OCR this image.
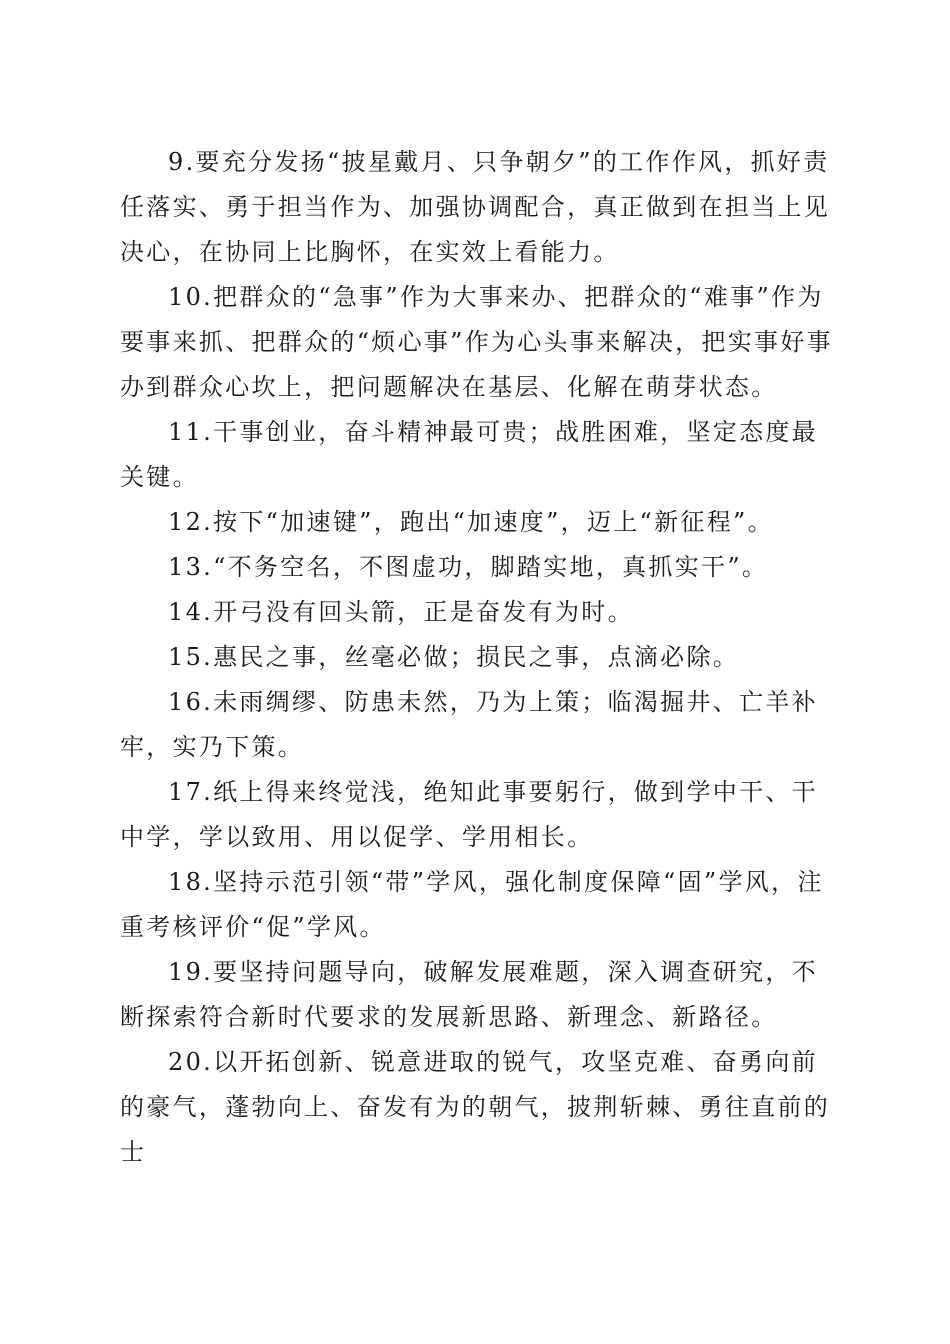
9.要充分发扬“披星戴月、只争朝夕”的工作作风，抓好责任落实、勇于担当作为、加强协调配合，真正做到在担当上见决心，在协同上比胸怀，在实效上看能力。

10.把群众的“急事”作为大事来办、把群众的“难事”作为要事来抓、把群众的“烦心事”作为心头事来解决，把实事好事办到群众心坎上，把问题解决在基层、化解在萌芽状态。

11.干事创业，奋斗精神最可贵；战胜困难，坚定态度最关键。

12.按下“加速键”，跑出“加速度”，迈上“新征程”。

13.“不务空名，不图虚功，脚踏实地，真抓实干”。

14.开弓没有回头箭，正是奋发有为时。

15.惠民之事，丝毫必做；损民之事，点滴必除。

16.未雨绸缪、防患未然，乃为上策；临渴掘井、亡羊补牢，实乃下策。

17.纸上得来终觉浅，绝知此事要躬行，做到学中干、干中学，学以致用、用以促学、学用相长。

18.坚持示范引领“带”学风，强化制度保障“固”学风，注重考核评价“促”学风。

19.要坚持问题导向，破解发展难题，深入调查研究，不断探索符合新时代要求的发展新思路、新理念、新路径。

20.以开拓创新、锐意进取的锐气，攻坚克难、奋勇向前的豪气，蓬勃向上、奋发有为的朝气，披荆斩棘、勇往直前的士
